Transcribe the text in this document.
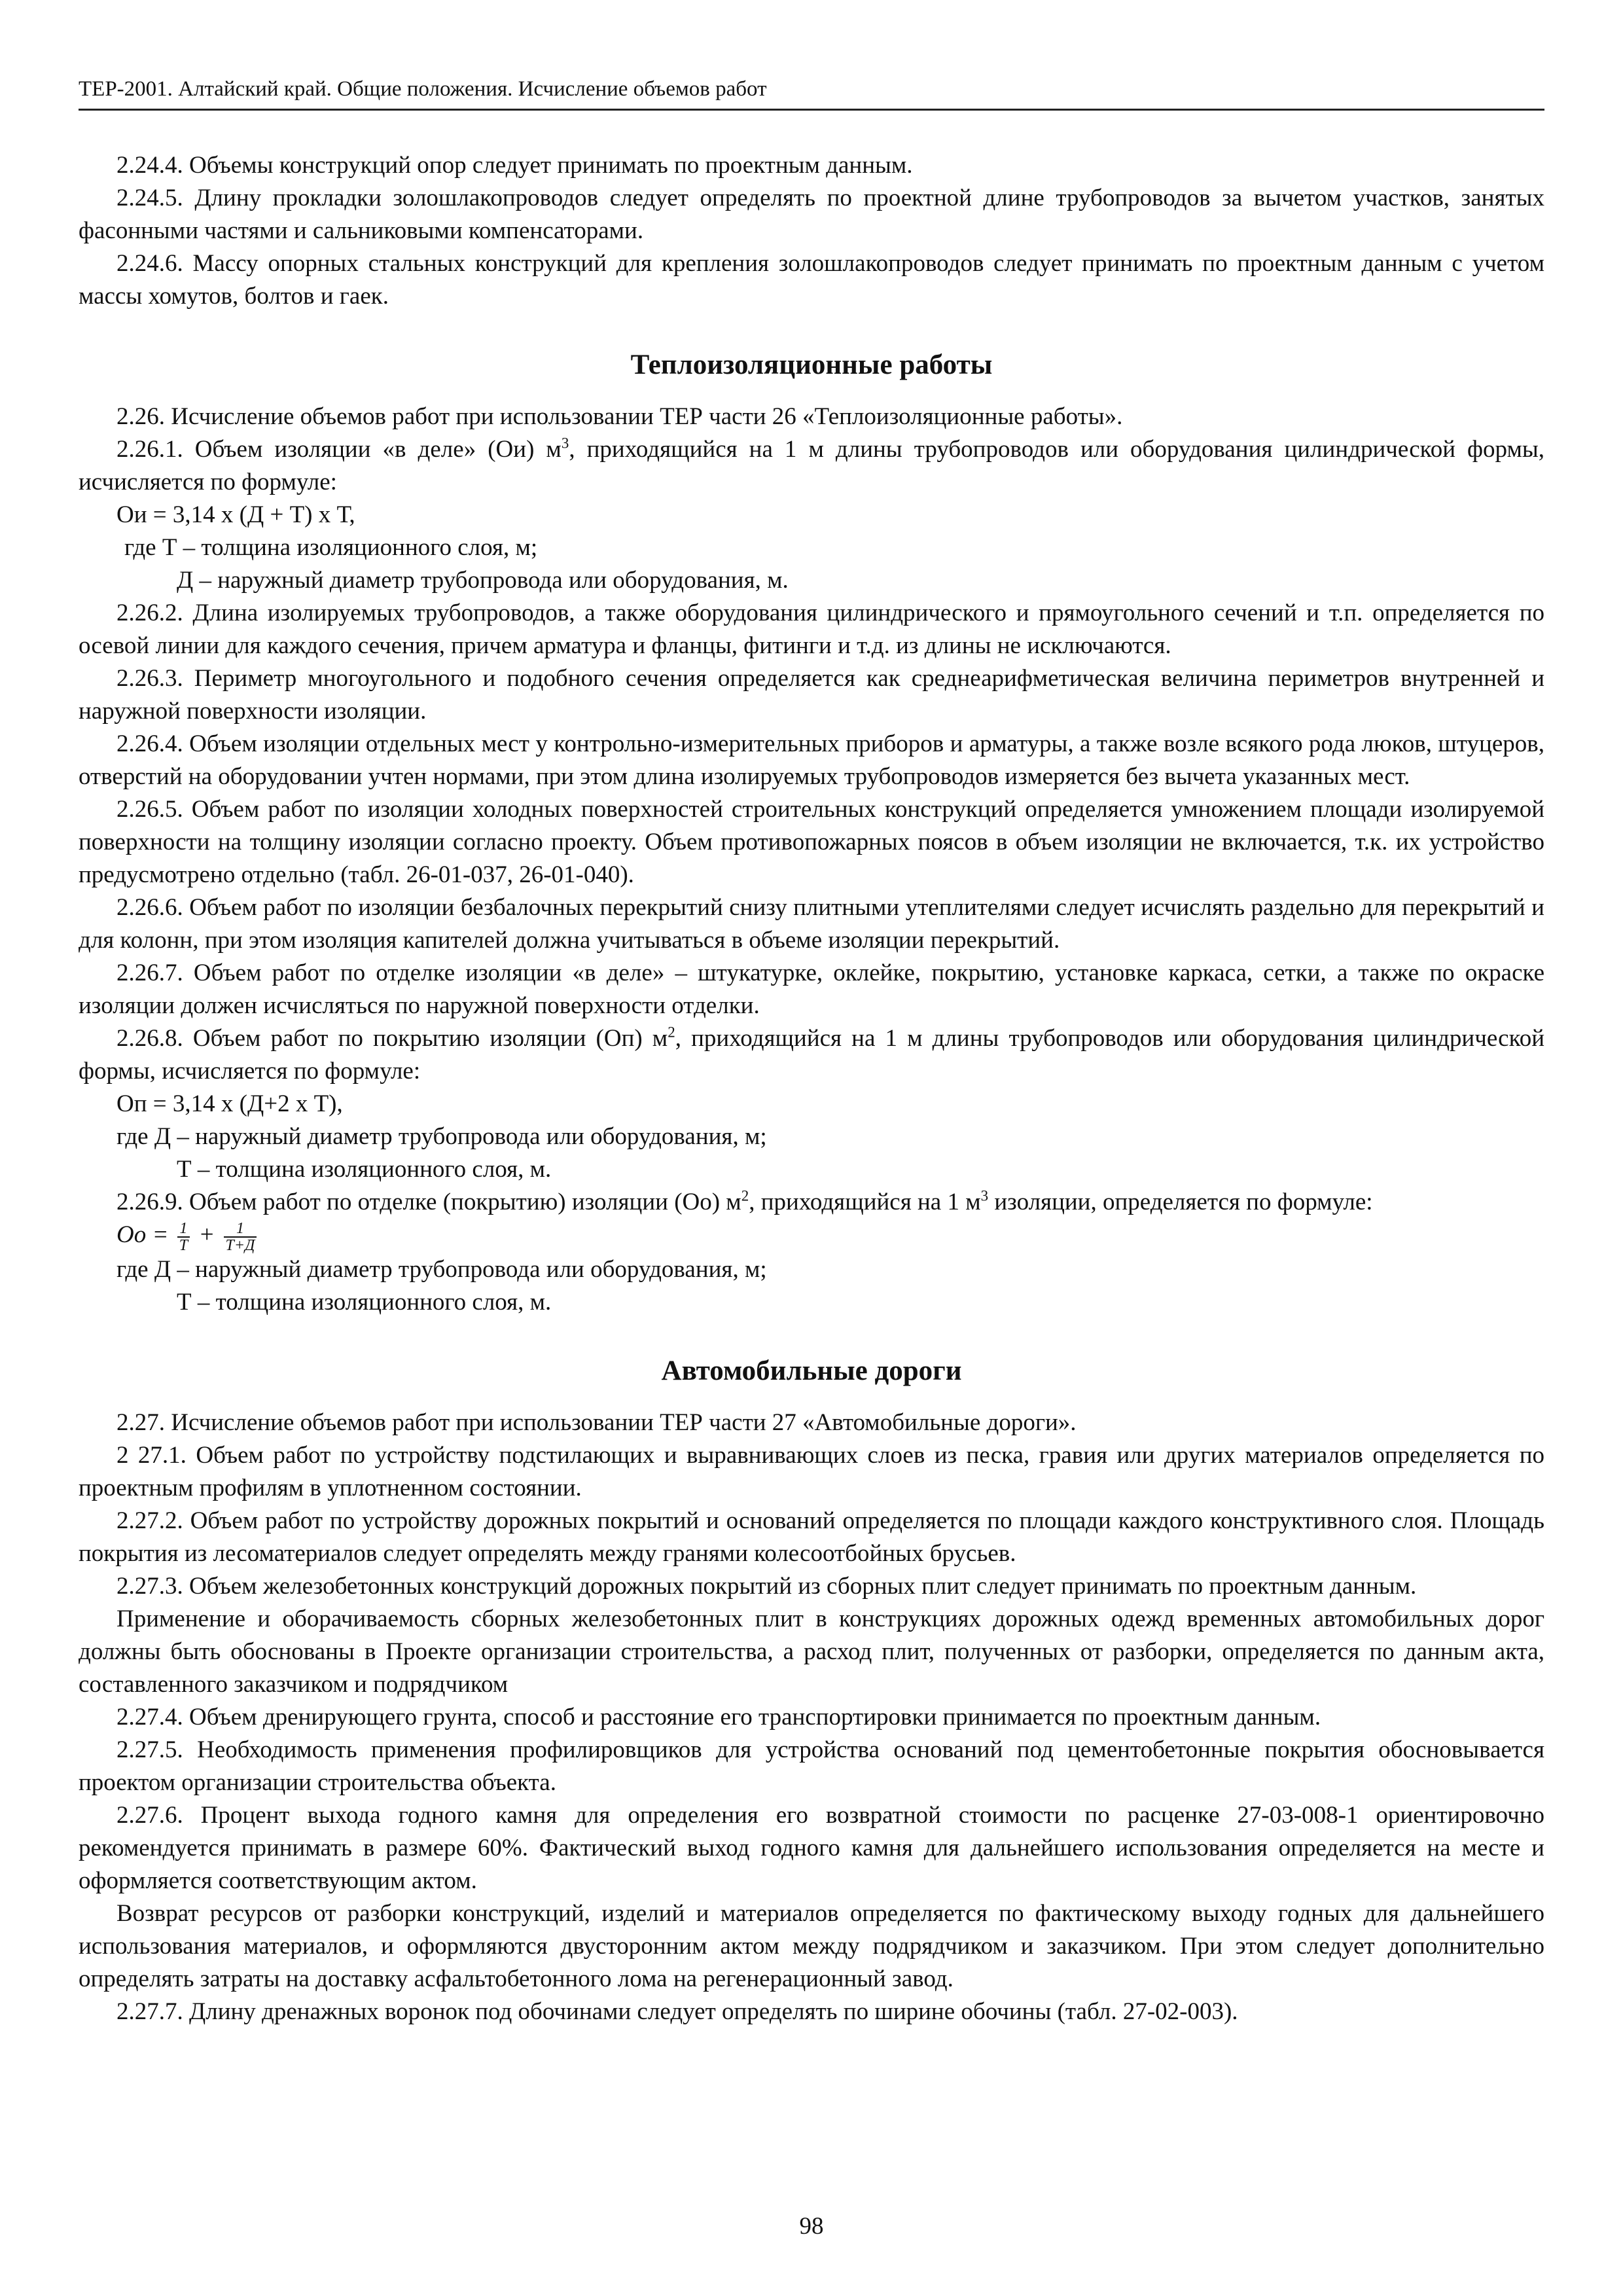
ТЕР-2001. Алтайский край. Общие положения. Исчисление объемов работ

2.24.4. Объемы конструкций опор следует принимать по проектным данным.

2.24.5. Длину прокладки золошлакопроводов следует определять по проектной длине трубопроводов за вычетом участков, занятых фасонными частями и сальниковыми компенсаторами.

2.24.6. Массу опорных стальных конструкций для крепления золошлакопроводов следует принимать по проектным данным с учетом массы хомутов, болтов и гаек.

Теплоизоляционные работы

2.26. Исчисление объемов работ при использовании ТЕР части 26 «Теплоизоляционные работы».

2.26.1. Объем изоляции «в деле» (Ои) $м^3$, приходящийся на 1 м длины трубопроводов или оборудования цилиндрической формы, исчисляется по формуле:

Ои = 3,14 х (Д + Т) х Т,

где Т – толщина изоляционного слоя, м;

Д – наружный диаметр трубопровода или оборудования, м.

2.26.2. Длина изолируемых трубопроводов, а также оборудования цилиндрического и прямоугольного сечений и т.п. определяется по осевой линии для каждого сечения, причем арматура и фланцы, фитинги и т.д. из длины не исключаются.

2.26.3. Периметр многоугольного и подобного сечения определяется как среднеарифметическая величина периметров внутренней и наружной поверхности изоляции.

2.26.4. Объем изоляции отдельных мест у контрольно-измерительных приборов и арматуры, а также возле всякого рода люков, штуцеров, отверстий на оборудовании учтен нормами, при этом длина изолируемых трубопроводов измеряется без вычета указанных мест.

2.26.5. Объем работ по изоляции холодных поверхностей строительных конструкций определяется умножением площади изолируемой поверхности на толщину изоляции согласно проекту. Объем противопожарных поясов в объем изоляции не включается, т.к. их устройство предусмотрено отдельно (табл. 26-01-037, 26-01-040).

2.26.6. Объем работ по изоляции безбалочных перекрытий снизу плитными утеплителями следует исчислять раздельно для перекрытий и для колонн, при этом изоляция капителей должна учитываться в объеме изоляции перекрытий.

2.26.7. Объем работ по отделке изоляции «в деле» – штукатурке, оклейке, покрытию, установке каркаса, сетки, а также по окраске изоляции должен исчисляться по наружной поверхности отделки.

2.26.8. Объем работ по покрытию изоляции (Оп) $м^2$, приходящийся на 1 м длины трубопроводов или оборудования цилиндрической формы, исчисляется по формуле:

Оп = 3,14 х (Д+2 х Т),

где Д – наружный диаметр трубопровода или оборудования, м;

Т – толщина изоляционного слоя, м.

2.26.9. Объем работ по отделке (покрытию) изоляции (Оо) $м^2$, приходящийся на 1 $м^3$ изоляции, определяется по формуле:

Оо = $\frac{1}{T} + \frac{1}{Т+Д}$

где Д – наружный диаметр трубопровода или оборудования, м;

Т – толщина изоляционного слоя, м.

Автомобильные дороги

2.27. Исчисление объемов работ при использовании ТЕР части 27 «Автомобильные дороги».

2 27.1. Объем работ по устройству подстилающих и выравнивающих слоев из песка, гравия или других материалов определяется по проектным профилям в уплотненном состоянии.

2.27.2. Объем работ по устройству дорожных покрытий и оснований определяется по площади каждого конструктивного слоя. Площадь покрытия из лесоматериалов следует определять между гранями колесоотбойных брусьев.

2.27.3. Объем железобетонных конструкций дорожных покрытий из сборных плит следует принимать по проектным данным.

Применение и оборачиваемость сборных железобетонных плит в конструкциях дорожных одежд временных автомобильных дорог должны быть обоснованы в Проекте организации строительства, а расход плит, полученных от разборки, определяется по данным акта, составленного заказчиком и подрядчиком

2.27.4. Объем дренирующего грунта, способ и расстояние его транспортировки принимается по проектным данным.

2.27.5. Необходимость применения профилировщиков для устройства оснований под цементобетонные покрытия обосновывается проектом организации строительства объекта.

2.27.6. Процент выхода годного камня для определения его возвратной стоимости по расценке 27-03-008-1 ориентировочно рекомендуется принимать в размере 60%. Фактический выход годного камня для дальнейшего использования определяется на месте и оформляется соответствующим актом.

Возврат ресурсов от разборки конструкций, изделий и материалов определяется по фактическому выходу годных для дальнейшего использования материалов, и оформляются двусторонним актом между подрядчиком и заказчиком. При этом следует дополнительно определять затраты на доставку асфальтобетонного лома на регенерационный завод.

2.27.7. Длину дренажных воронок под обочинами следует определять по ширине обочины (табл. 27-02-003).

98
